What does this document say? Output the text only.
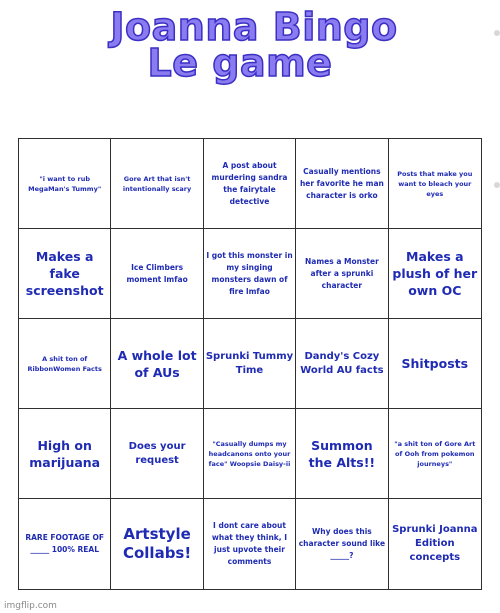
Joanna Bingo
Le game
"i want to rub MegaMan's Tummy"
Gore Art that isn't intentionally scary
A post about murdering sandra the fairytale detective
Casually mentions her favorite he man character is orko
Posts that make you want to bleach your eyes
Makes a fake screenshot
Ice Climbers moment lmfao
I got this monster in my singing monsters dawn of fire lmfao
Names a Monster after a sprunki character
Makes a plush of her own OC
A shit ton of RibbonWomen Facts
A whole lot of AUs
Sprunki Tummy Time
Dandy's Cozy World AU facts Shitposts
High on marijuana
Does your request
"Casually dumps my headcanons onto your face" Woopsie Daisy-ii
Summon the Alts!!
"a shit ton of Gore Art of Ooh from pokemon journeys"
RARE FOOTAGE OF _____ 100% REAL
Artstyle Collabs!
I dont care about what they think, I just upvote their comments
Why does this character sound like _____?
Sprunki Joanna Edition concepts
imgflip.com
